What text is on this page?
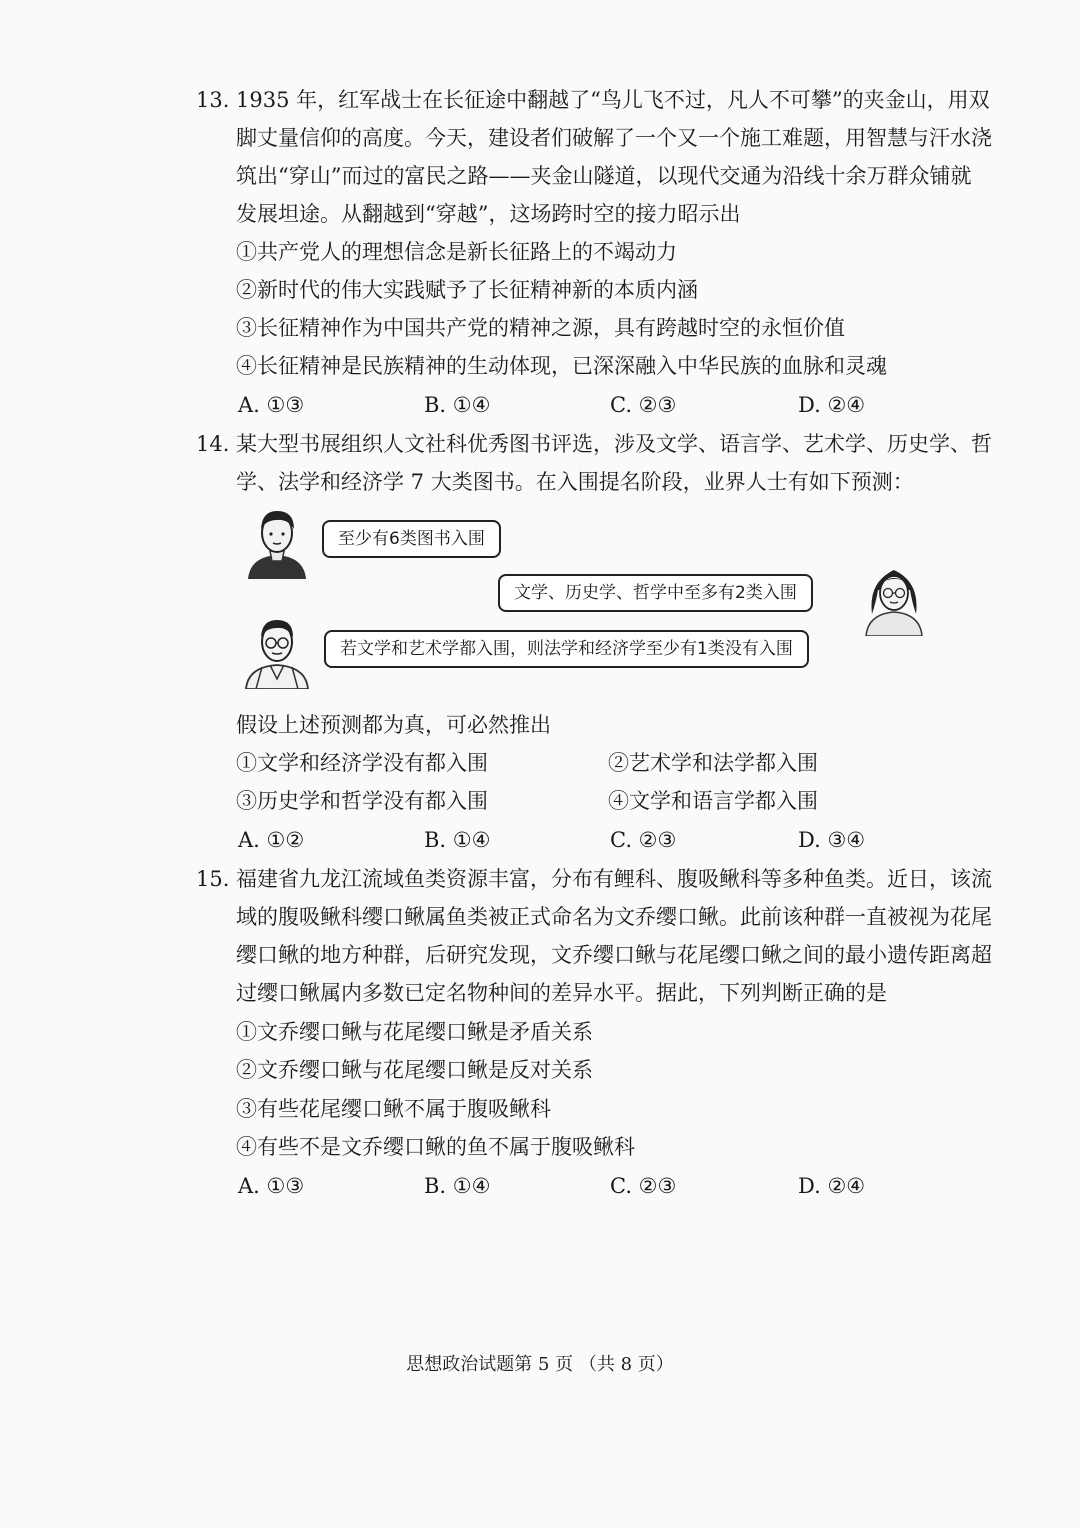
13. 1935 年，红军战士在长征途中翻越了“鸟儿飞不过，凡人不可攀”的夹金山，用双
脚丈量信仰的高度。今天，建设者们破解了一个又一个施工难题，用智慧与汗水浇
筑出“穿山”而过的富民之路——夹金山隧道，以现代交通为沿线十余万群众铺就
发展坦途。从翻越到“穿越”，这场跨时空的接力昭示出
①共产党人的理想信念是新长征路上的不竭动力
②新时代的伟大实践赋予了长征精神新的本质内涵
③长征精神作为中国共产党的精神之源，具有跨越时空的永恒价值
④长征精神是民族精神的生动体现，已深深融入中华民族的血脉和灵魂
A. ①③	B. ①④	C. ②③	D. ②④
14. 某大型书展组织人文社科优秀图书评选，涉及文学、语言学、艺术学、历史学、哲
学、法学和经济学 7 大类图书。在入围提名阶段，业界人士有如下预测：
至少有6类图书入围
文学、历史学、哲学中至多有2类入围
若文学和艺术学都入围，则法学和经济学至少有1类没有入围
假设上述预测都为真，可必然推出
①文学和经济学没有都入围	②艺术学和法学都入围
③历史学和哲学没有都入围	④文学和语言学都入围
A. ①②	B. ①④	C. ②③	D. ③④
15. 福建省九龙江流域鱼类资源丰富，分布有鲤科、腹吸鳅科等多种鱼类。近日，该流
域的腹吸鳅科缨口鳅属鱼类被正式命名为文乔缨口鳅。此前该种群一直被视为花尾
缨口鳅的地方种群，后研究发现，文乔缨口鳅与花尾缨口鳅之间的最小遗传距离超
过缨口鳅属内多数已定名物种间的差异水平。据此，下列判断正确的是
①文乔缨口鳅与花尾缨口鳅是矛盾关系
②文乔缨口鳅与花尾缨口鳅是反对关系
③有些花尾缨口鳅不属于腹吸鳅科
④有些不是文乔缨口鳅的鱼不属于腹吸鳅科
A. ①③	B. ①④	C. ②③	D. ②④
思想政治试题第 5 页 （共 8 页）
